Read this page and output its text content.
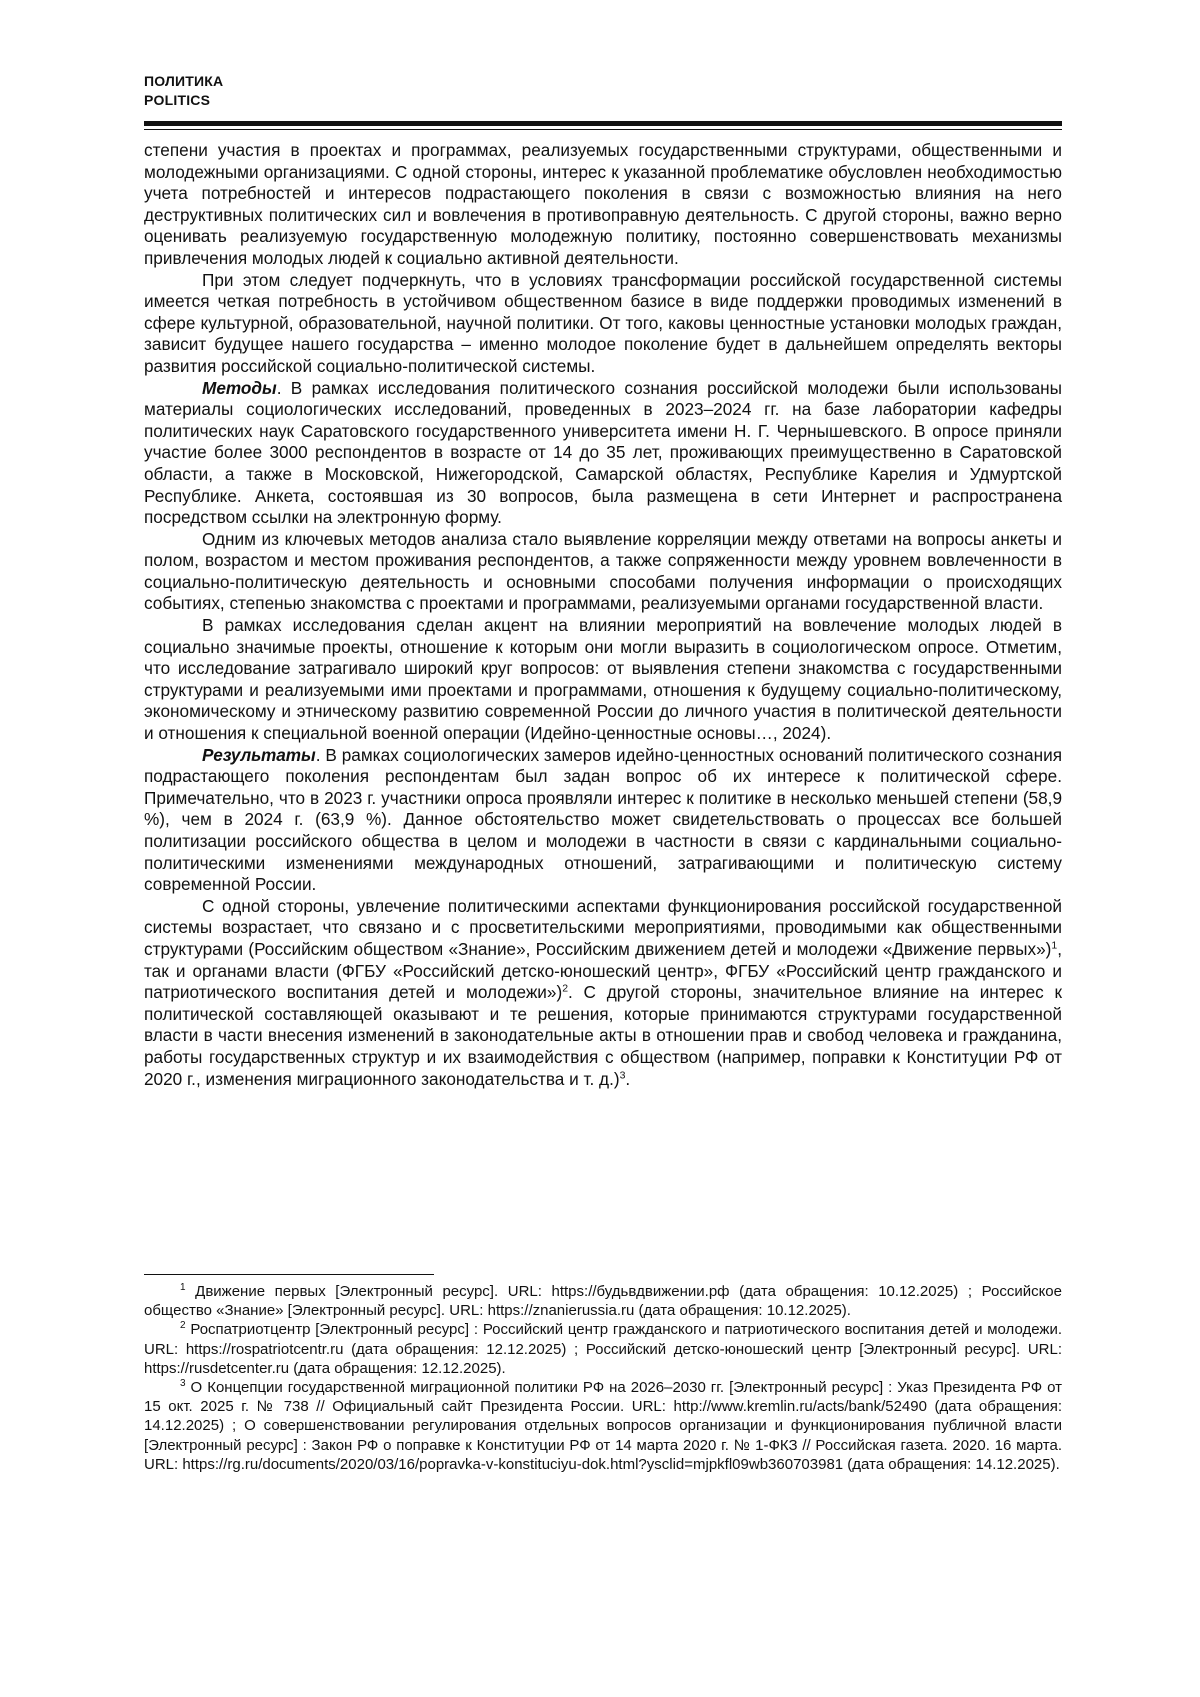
ПОЛИТИКА
POLITICS

степени участия в проектах и программах, реализуемых государственными структурами, общественными и молодежными организациями. С одной стороны, интерес к указанной проблематике обусловлен необходимостью учета потребностей и интересов подрастающего поколения в связи с возможностью влияния на него деструктивных политических сил и вовлечения в противоправную деятельность. С другой стороны, важно верно оценивать реализуемую государственную молодежную политику, постоянно совершенствовать механизмы привлечения молодых людей к социально активной деятельности.

При этом следует подчеркнуть, что в условиях трансформации российской государственной системы имеется четкая потребность в устойчивом общественном базисе в виде поддержки проводимых изменений в сфере культурной, образовательной, научной политики. От того, каковы ценностные установки молодых граждан, зависит будущее нашего государства – именно молодое поколение будет в дальнейшем определять векторы развития российской социально-политической системы.

Методы. В рамках исследования политического сознания российской молодежи были использованы материалы социологических исследований, проведенных в 2023–2024 гг. на базе лаборатории кафедры политических наук Саратовского государственного университета имени Н. Г. Чернышевского. В опросе приняли участие более 3000 респондентов в возрасте от 14 до 35 лет, проживающих преимущественно в Саратовской области, а также в Московской, Нижегородской, Самарской областях, Республике Карелия и Удмуртской Республике. Анкета, состоявшая из 30 вопросов, была размещена в сети Интернет и распространена посредством ссылки на электронную форму.

Одним из ключевых методов анализа стало выявление корреляции между ответами на вопросы анкеты и полом, возрастом и местом проживания респондентов, а также сопряженности между уровнем вовлеченности в социально-политическую деятельность и основными способами получения информации о происходящих событиях, степенью знакомства с проектами и программами, реализуемыми органами государственной власти.

В рамках исследования сделан акцент на влиянии мероприятий на вовлечение молодых людей в социально значимые проекты, отношение к которым они могли выразить в социологическом опросе. Отметим, что исследование затрагивало широкий круг вопросов: от выявления степени знакомства с государственными структурами и реализуемыми ими проектами и программами, отношения к будущему социально-политическому, экономическому и этническому развитию современной России до личного участия в политической деятельности и отношения к специальной военной операции (Идейно-ценностные основы…, 2024).

Результаты. В рамках социологических замеров идейно-ценностных оснований политического сознания подрастающего поколения респондентам был задан вопрос об их интересе к политической сфере. Примечательно, что в 2023 г. участники опроса проявляли интерес к политике в несколько меньшей степени (58,9 %), чем в 2024 г. (63,9 %). Данное обстоятельство может свидетельствовать о процессах все большей политизации российского общества в целом и молодежи в частности в связи с кардинальными социально-политическими изменениями международных отношений, затрагивающими и политическую систему современной России.

С одной стороны, увлечение политическими аспектами функционирования российской государственной системы возрастает, что связано и с просветительскими мероприятиями, проводимыми как общественными структурами (Российским обществом «Знание», Российским движением детей и молодежи «Движение первых»)$^1$, так и органами власти (ФГБУ «Российский детско-юношеский центр», ФГБУ «Российский центр гражданского и патриотического воспитания детей и молодежи»)$^2$. С другой стороны, значительное влияние на интерес к политической составляющей оказывают и те решения, которые принимаются структурами государственной власти в части внесения изменений в законодательные акты в отношении прав и свобод человека и гражданина, работы государственных структур и их взаимодействия с обществом (например, поправки к Конституции РФ от 2020 г., изменения миграционного законодательства и т. д.)$^3$.

$^1$ Движение первых [Электронный ресурс]. URL: https://будьвдвижении.рф (дата обращения: 10.12.2025) ; Российское общество «Знание» [Электронный ресурс]. URL: https://znanierussia.ru (дата обращения: 10.12.2025).

$^2$ Роспатриотцентр [Электронный ресурс] : Российский центр гражданского и патриотического воспитания детей и молодежи. URL: https://rospatriotcentr.ru (дата обращения: 12.12.2025) ; Российский детско-юношеский центр [Электронный ресурс]. URL: https://rusdetcenter.ru (дата обращения: 12.12.2025).

$^3$ О Концепции государственной миграционной политики РФ на 2026–2030 гг. [Электронный ресурс] : Указ Президента РФ от 15 окт. 2025 г. № 738 // Официальный сайт Президента России. URL: http://www.kremlin.ru/acts/bank/52490 (дата обращения: 14.12.2025) ; О совершенствовании регулирования отдельных вопросов организации и функционирования публичной власти [Электронный ресурс] : Закон РФ о поправке к Конституции РФ от 14 марта 2020 г. № 1-ФКЗ // Российская газета. 2020. 16 марта. URL: https://rg.ru/documents/2020/03/16/popravka-v-konstituciyu-dok.html?ysclid=mjpkfl09wb360703981 (дата обращения: 14.12.2025).
